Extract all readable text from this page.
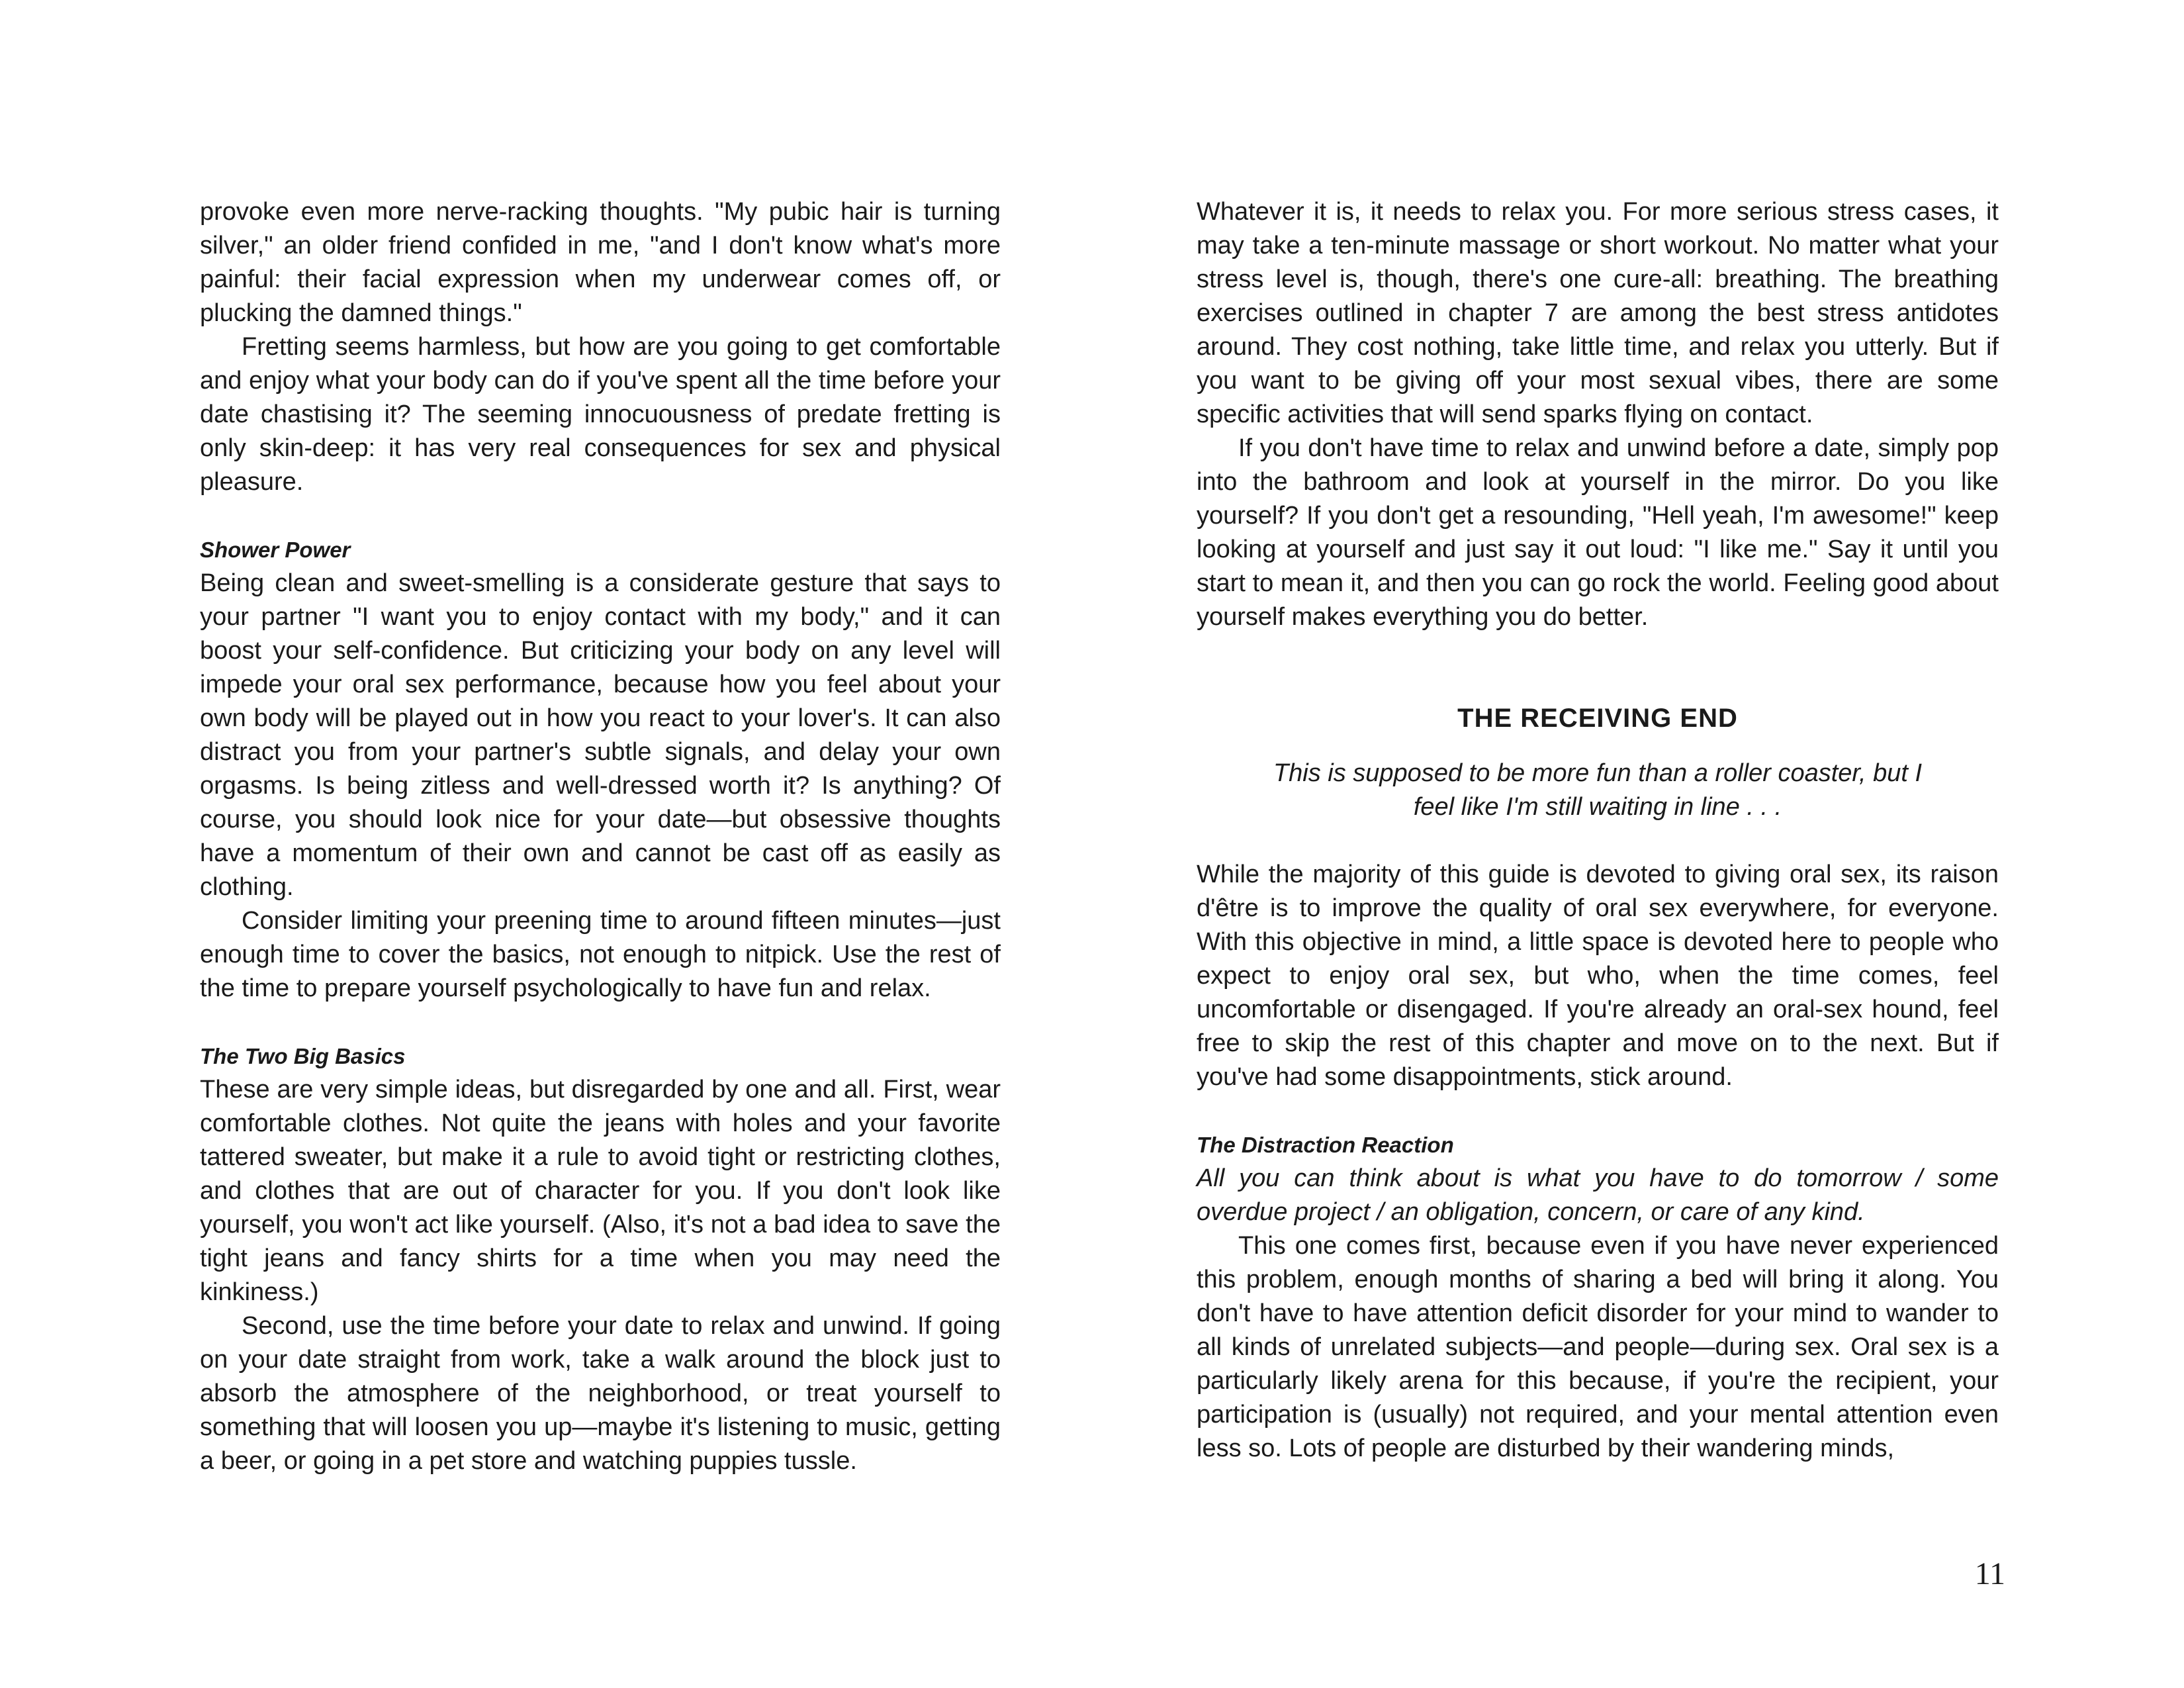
provoke even more nerve-racking thoughts. "My pubic hair is turning silver," an older friend confided in me, "and I don't know what's more painful: their facial expression when my underwear comes off, or plucking the damned things."

Fretting seems harmless, but how are you going to get comfortable and enjoy what your body can do if you've spent all the time before your date chastising it? The seeming innocuousness of predate fretting is only skin-deep: it has very real consequences for sex and physical pleasure.

Shower Power

Being clean and sweet-smelling is a considerate gesture that says to your partner "I want you to enjoy contact with my body," and it can boost your self-confidence. But criticizing your body on any level will impede your oral sex performance, because how you feel about your own body will be played out in how you react to your lover's. It can also distract you from your partner's subtle signals, and delay your own orgasms. Is being zitless and well-dressed worth it? Is anything? Of course, you should look nice for your date—but obsessive thoughts have a momentum of their own and cannot be cast off as easily as clothing.

Consider limiting your preening time to around fifteen minutes—just enough time to cover the basics, not enough to nitpick. Use the rest of the time to prepare yourself psychologically to have fun and relax.

The Two Big Basics

These are very simple ideas, but disregarded by one and all. First, wear comfortable clothes. Not quite the jeans with holes and your favorite tattered sweater, but make it a rule to avoid tight or restricting clothes, and clothes that are out of character for you. If you don't look like yourself, you won't act like yourself. (Also, it's not a bad idea to save the tight jeans and fancy shirts for a time when you may need the kinkiness.)

Second, use the time before your date to relax and unwind. If going on your date straight from work, take a walk around the block just to absorb the atmosphere of the neighborhood, or treat yourself to something that will loosen you up—maybe it's listening to music, getting a beer, or going in a pet store and watching puppies tussle.

Whatever it is, it needs to relax you. For more serious stress cases, it may take a ten-minute massage or short workout. No matter what your stress level is, though, there's one cure-all: breathing. The breathing exercises outlined in chapter 7 are among the best stress antidotes around. They cost nothing, take little time, and relax you utterly. But if you want to be giving off your most sexual vibes, there are some specific activities that will send sparks flying on contact.

If you don't have time to relax and unwind before a date, simply pop into the bathroom and look at yourself in the mirror. Do you like yourself? If you don't get a resounding, "Hell yeah, I'm awesome!" keep looking at yourself and just say it out loud: "I like me." Say it until you start to mean it, and then you can go rock the world. Feeling good about yourself makes everything you do better.

THE RECEIVING END
This is supposed to be more fun than a roller coaster, but I
feel like I'm still waiting in line . . .

While the majority of this guide is devoted to giving oral sex, its raison d'être is to improve the quality of oral sex everywhere, for everyone. With this objective in mind, a little space is devoted here to people who expect to enjoy oral sex, but who, when the time comes, feel uncomfortable or disengaged. If you're already an oral-sex hound, feel free to skip the rest of this chapter and move on to the next. But if you've had some disappointments, stick around.

The Distraction Reaction

All you can think about is what you have to do tomorrow / some overdue project / an obligation, concern, or care of any kind.

This one comes first, because even if you have never experienced this problem, enough months of sharing a bed will bring it along. You don't have to have attention deficit disorder for your mind to wander to all kinds of unrelated subjects—and people—during sex. Oral sex is a particularly likely arena for this because, if you're the recipient, your participation is (usually) not required, and your mental attention even less so. Lots of people are disturbed by their wandering minds,

11
